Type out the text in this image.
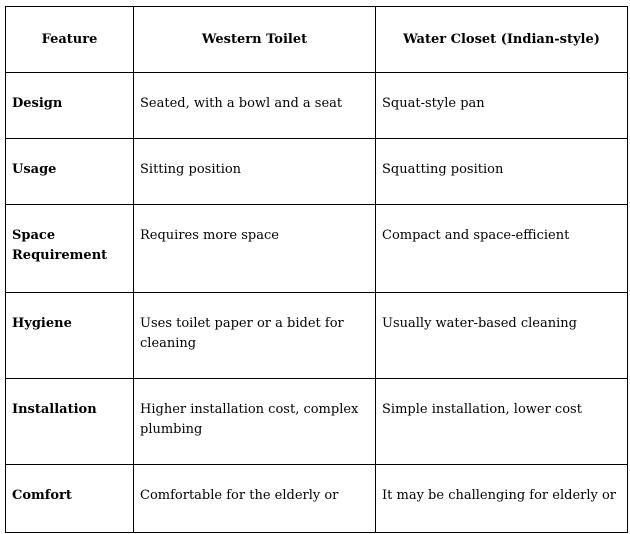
Feature	Western Toilet	Water Closet (Indian-style)
Design	Seated, with a bowl and a seat	Squat-style pan
Usage	Sitting position	Squatting position
Space Requirement	Requires more space	Compact and space-efficient
Hygiene	Uses toilet paper or a bidet for cleaning	Usually water-based cleaning
Installation	Higher installation cost, complex plumbing	Simple installation, lower cost
Comfort	Comfortable for the elderly or	It may be challenging for elderly or
